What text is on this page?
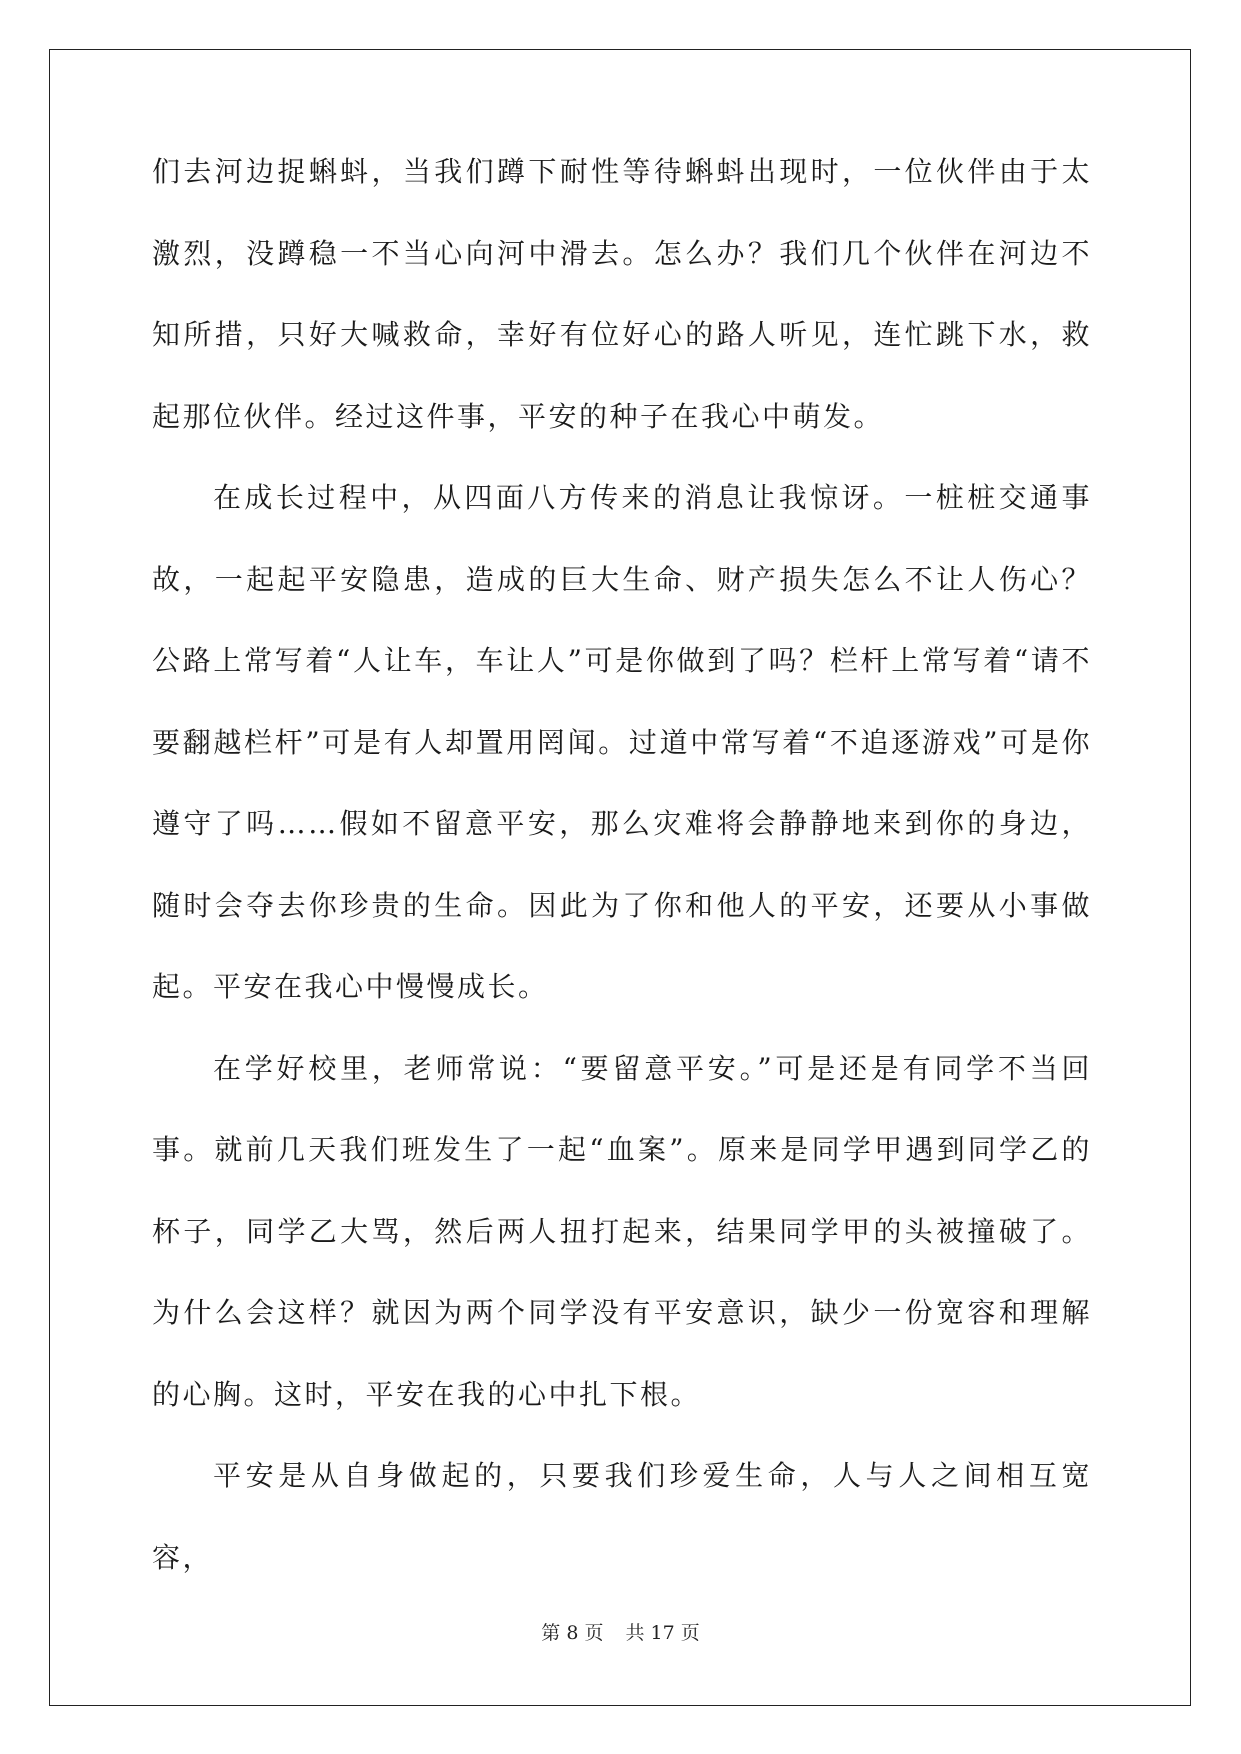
们去河边捉蝌蚪，当我们蹲下耐性等待蝌蚪出现时，一位伙伴由于太激烈，没蹲稳一不当心向河中滑去。怎么办？我们几个伙伴在河边不知所措，只好大喊救命，幸好有位好心的路人听见，连忙跳下水，救起那位伙伴。经过这件事，平安的种子在我心中萌发。

在成长过程中，从四面八方传来的消息让我惊讶。一桩桩交通事故，一起起平安隐患，造成的巨大生命、财产损失怎么不让人伤心？公路上常写着“人让车，车让人”可是你做到了吗？栏杆上常写着“请不要翻越栏杆”可是有人却置用罔闻。过道中常写着“不追逐游戏”可是你遵守了吗……假如不留意平安，那么灾难将会静静地来到你的身边，随时会夺去你珍贵的生命。因此为了你和他人的平安，还要从小事做起。平安在我心中慢慢成长。

在学好校里，老师常说：“要留意平安。”可是还是有同学不当回事。就前几天我们班发生了一起“血案”。原来是同学甲遇到同学乙的杯子，同学乙大骂，然后两人扭打起来，结果同学甲的头被撞破了。为什么会这样？就因为两个同学没有平安意识，缺少一份宽容和理解的心胸。这时，平安在我的心中扎下根。

平安是从自身做起的，只要我们珍爱生命，人与人之间相互宽容，

第 8 页 共 17 页
